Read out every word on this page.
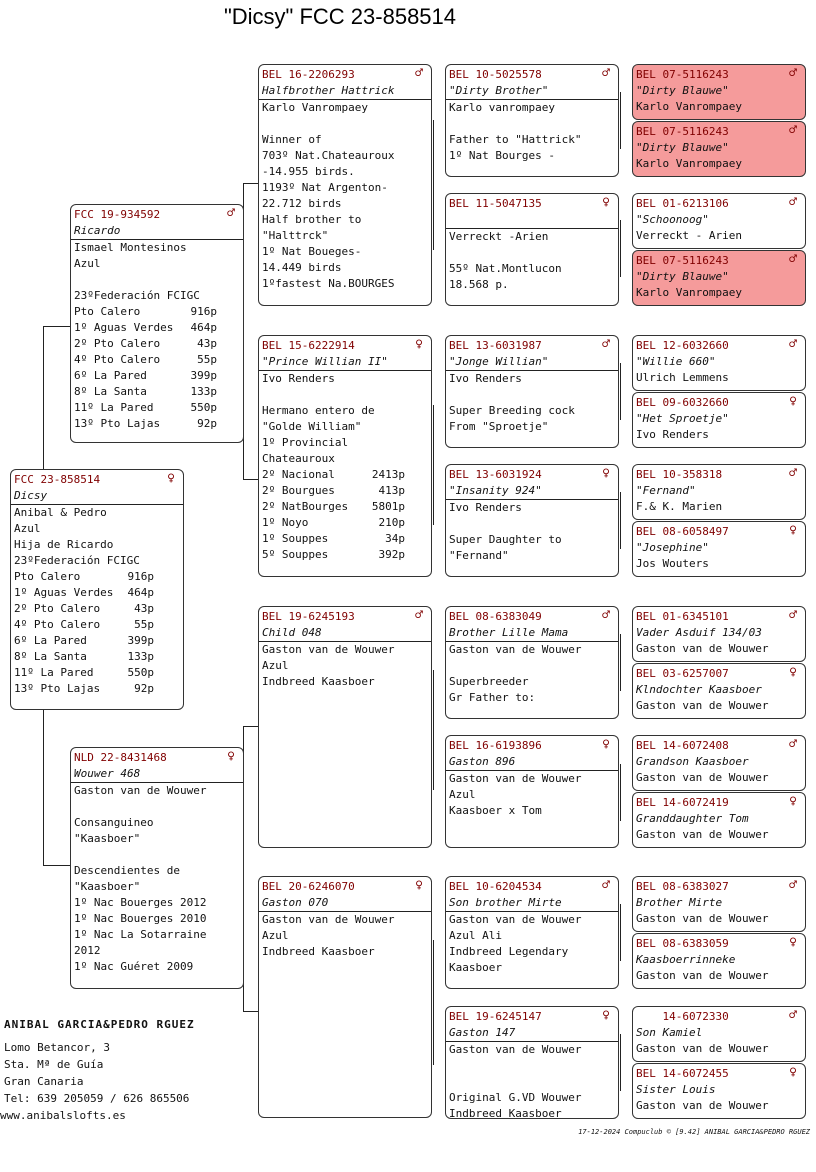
"Dicsy" FCC 23-858514
FCC 23-858514	♀
Dicsy
Anibal & Pedro
Azul
Hija de Ricardo
23ºFederación FCIGC
Pto Calero	916p
1º Aguas Verdes 464p
2º Pto Calero	43p
4º Pto Calero	55p
6º La Pared	399p
8º La Santa	133p
11º La Pared	550p
13º Pto Lajas	92p
FCC 19-934592	♂
Ricardo
Ismael Montesinos
Azul
23ºFederación FCIGC
Pto Calero	916p
1º Aguas Verdes 464p
2º Pto Calero	43p
4º Pto Calero	55p
6º La Pared	399p
8º La Santa	133p
11º La Pared	550p
13º Pto Lajas	92p
NLD 22-8431468	♀
Wouwer 468
Gaston van de Wouwer
Consanguineo
"Kaasboer"
Descendientes de
"Kaasboer"
1º Nac Bouerges 2012
1º Nac Bouerges 2010
1º Nac La Sotarraine
2012
1º Nac Guéret 2009
BEL 16-2206293	♂
Halfbrother Hattrick
Karlo Vanrompaey
Winner of
703º Nat.Chateauroux
-14.955 birds.
1193º Nat Argenton-
22.712 birds
Half brother to
"Halttrck"
1º Nat Boueges-
14.449 birds
1ºfastest Na.BOURGES
BEL 15-6222914	♀
"Prince Willian II"
Ivo Renders
Hermano entero de
"Golde William"
1º Provincial
Chateauroux
2º Nacional	2413p
2º Bourgues	413p
2º NatBourges 5801p
1º Noyo	210p
1º Souppes	34p
5º Souppes	392p
BEL 19-6245193	♂
Child 048
Gaston van de Wouwer
Azul
Indbreed Kaasboer
BEL 20-6246070	♀
Gaston 070
Gaston van de Wouwer
Azul
Indbreed Kaasboer
BEL 10-5025578	♂
"Dirty Brother"
Karlo vanrompaey
Father to "Hattrick"
1º Nat Bourges -
BEL 11-5047135	♀
Verreckt -Arien
55º Nat.Montlucon
18.568 p.
BEL 13-6031987	♂
"Jonge Willian"
Ivo Renders
Super Breeding cock
From "Sproetje"
BEL 13-6031924	♀
"Insanity 924"
Ivo Renders
Super Daughter to
"Fernand"
BEL 08-6383049	♂
Brother Lille Mama
Gaston van de Wouwer
Superbreeder
Gr Father to:
BEL 16-6193896	♀
Gaston 896
Gaston van de Wouwer
Azul
Kaasboer x Tom
BEL 10-6204534	♂
Son brother Mirte
Gaston van de Wouwer
Azul Ali
Indbreed Legendary
Kaasboer
BEL 19-6245147	♀
Gaston 147
Gaston van de Wouwer
Original G.VD Wouwer
Indbreed Kaasboer
BEL 07-5116243	♂
"Dirty Blauwe"
Karlo Vanrompaey
BEL 07-5116243	♂
"Dirty Blauwe"
Karlo Vanrompaey
BEL 01-6213106	♂
"Schoonoog"
Verreckt - Arien
BEL 07-5116243	♂
"Dirty Blauwe"
Karlo Vanrompaey
BEL 12-6032660	♂
"Willie 660"
Ulrich Lemmens
BEL 09-6032660	♀
"Het Sproetje"
Ivo Renders
BEL 10-358318	♂
"Fernand"
F.& K. Marien
BEL 08-6058497	♀
"Josephine"
Jos Wouters
BEL 01-6345101	♂
Vader Asduif 134/03
Gaston van de Wouwer
BEL 03-6257007	♀
Klndochter Kaasboer
Gaston van de Wouwer
BEL 14-6072408	♂
Grandson Kaasboer
Gaston van de Wouwer
BEL 14-6072419	♀
Granddaughter Tom
Gaston van de Wouwer
BEL 08-6383027	♂
Brother Mirte
Gaston van de Wouwer
BEL 08-6383059	♀
Kaasboerrinneke
Gaston van de Wouwer
14-6072330	♂
Son Kamiel
Gaston van de Wouwer
BEL 14-6072455	♀
Sister Louis
Gaston van de Wouwer
ANIBAL GARCIA&PEDRO RGUEZ
Lomo Betancor, 3
Sta. Mª de Guía
Gran Canaria
Tel: 639 205059 / 626 865506
www.anibalslofts.es
17-12-2024 Compuclub © [9.42] ANIBAL GARCIA&PEDRO RGUEZ
